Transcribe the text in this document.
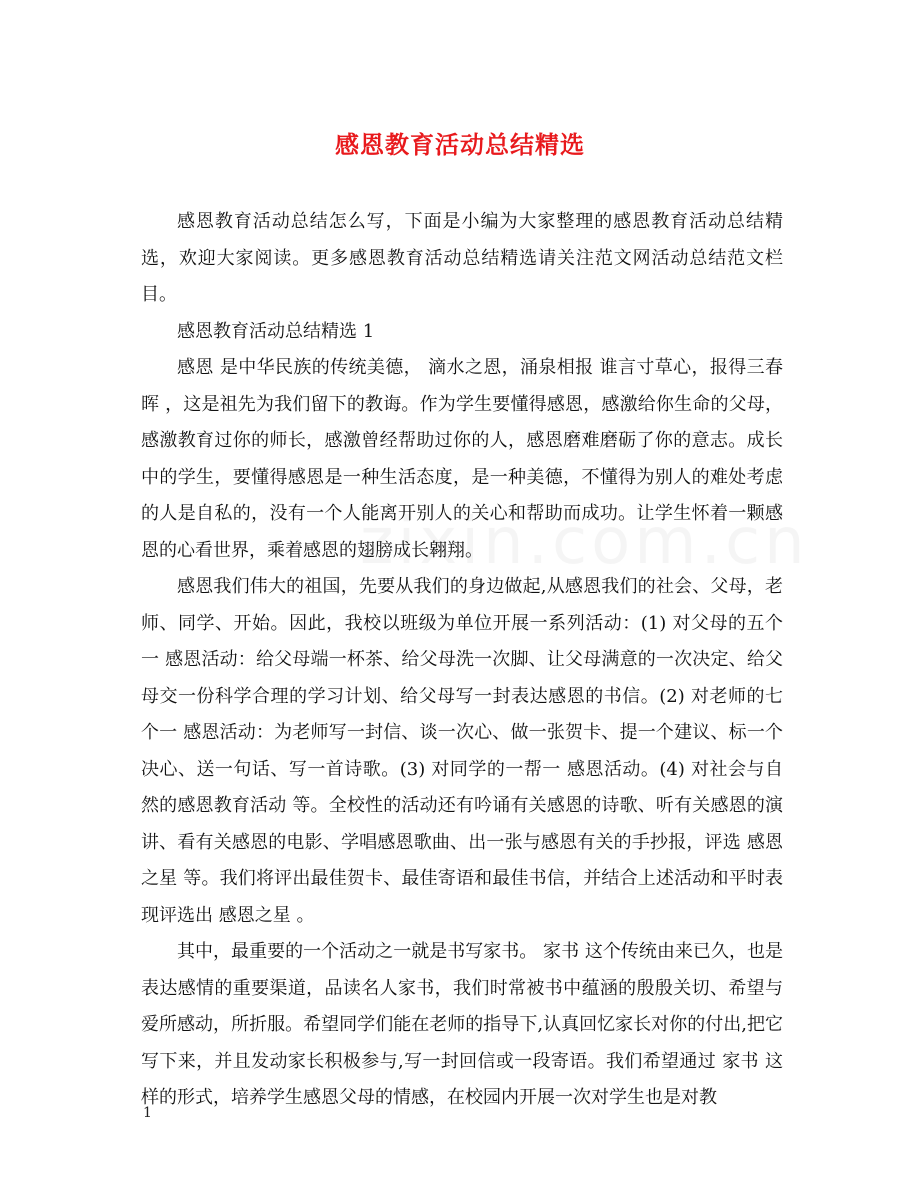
感恩教育活动总结精选

感恩教育活动总结怎么写，下面是小编为大家整理的感恩教育活动总结精选，欢迎大家阅读。更多感恩教育活动总结精选请关注范文网活动总结范文栏目。

感恩教育活动总结精选 1

感恩 是中华民族的传统美德， 滴水之恩，涌泉相报 谁言寸草心，报得三春晖 ，这是祖先为我们留下的教诲。作为学生要懂得感恩，感激给你生命的父母，感激教育过你的师长，感激曾经帮助过你的人，感恩磨难磨砺了你的意志。成长中的学生，要懂得感恩是一种生活态度，是一种美德，不懂得为别人的难处考虑的人是自私的，没有一个人能离开别人的关心和帮助而成功。让学生怀着一颗感恩的心看世界，乘着感恩的翅膀成长翱翔。

感恩我们伟大的祖国，先要从我们的身边做起,从感恩我们的社会、父母，老师、同学、开始。因此，我校以班级为单位开展一系列活动：(1) 对父母的五个一 感恩活动：给父母端一杯茶、给父母洗一次脚、让父母满意的一次决定、给父母交一份科学合理的学习计划、给父母写一封表达感恩的书信。(2) 对老师的七个一 感恩活动：为老师写一封信、谈一次心、做一张贺卡、提一个建议、标一个决心、送一句话、写一首诗歌。(3) 对同学的一帮一 感恩活动。(4) 对社会与自然的感恩教育活动 等。全校性的活动还有吟诵有关感恩的诗歌、听有关感恩的演讲、看有关感恩的电影、学唱感恩歌曲、出一张与感恩有关的手抄报，评选 感恩之星 等。我们将评出最佳贺卡、最佳寄语和最佳书信，并结合上述活动和平时表现评选出 感恩之星 。

其中，最重要的一个活动之一就是书写家书。 家书 这个传统由来已久，也是表达感情的重要渠道，品读名人家书，我们时常被书中蕴涵的殷殷关切、希望与爱所感动，所折服。希望同学们能在老师的指导下,认真回忆家长对你的付出,把它写下来，并且发动家长积极参与,写一封回信或一段寄语。我们希望通过 家书 这样的形式，培养学生感恩父母的情感，在校园内开展一次对学生也是对教

1
